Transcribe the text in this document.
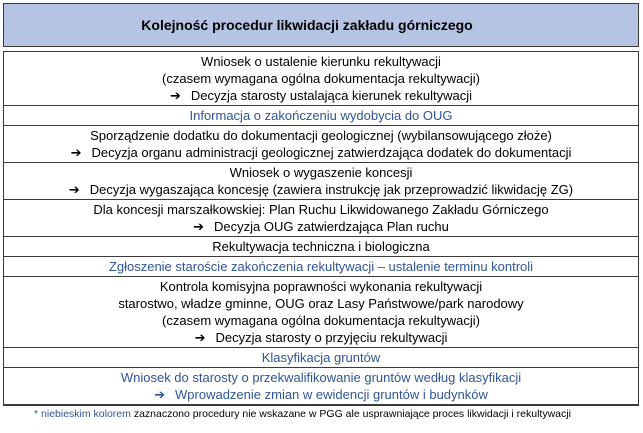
Kolejność procedur likwidacji zakładu górniczego
Wniosek o ustalenie kierunku rekultywacji
(czasem wymagana ogólna dokumentacja rekultywacji)
➔ Decyzja starosty ustalająca kierunek rekultywacji
Informacja o zakończeniu wydobycia do OUG
Sporządzenie dodatku do dokumentacji geologicznej (wybilansowującego złoże)
➔ Decyzja organu administracji geologicznej zatwierdzająca dodatek do dokumentacji
Wniosek o wygaszenie koncesji
➔ Decyzja wygaszająca koncesję (zawiera instrukcję jak przeprowadzić likwidację ZG)
Dla koncesji marszałkowskiej: Plan Ruchu Likwidowanego Zakładu Górniczego
➔ Decyzja OUG zatwierdzająca Plan ruchu
Rekultywacja techniczna i biologiczna
Zgłoszenie staroście zakończenia rekultywacji – ustalenie terminu kontroli
Kontrola komisyjna poprawności wykonania rekultywacji
starostwo, władze gminne, OUG oraz Lasy Państwowe/park narodowy
(czasem wymagana ogólna dokumentacja rekultywacji)
➔ Decyzja starosty o przyjęciu rekultywacji
Klasyfikacja gruntów
Wniosek do starosty o przekwalifikowanie gruntów według klasyfikacji
➔ Wprowadzenie zmian w ewidencji gruntów i budynków
* niebieskim kolorem zaznaczono procedury nie wskazane w PGG ale usprawniające proces likwidacji i rekultywacji
